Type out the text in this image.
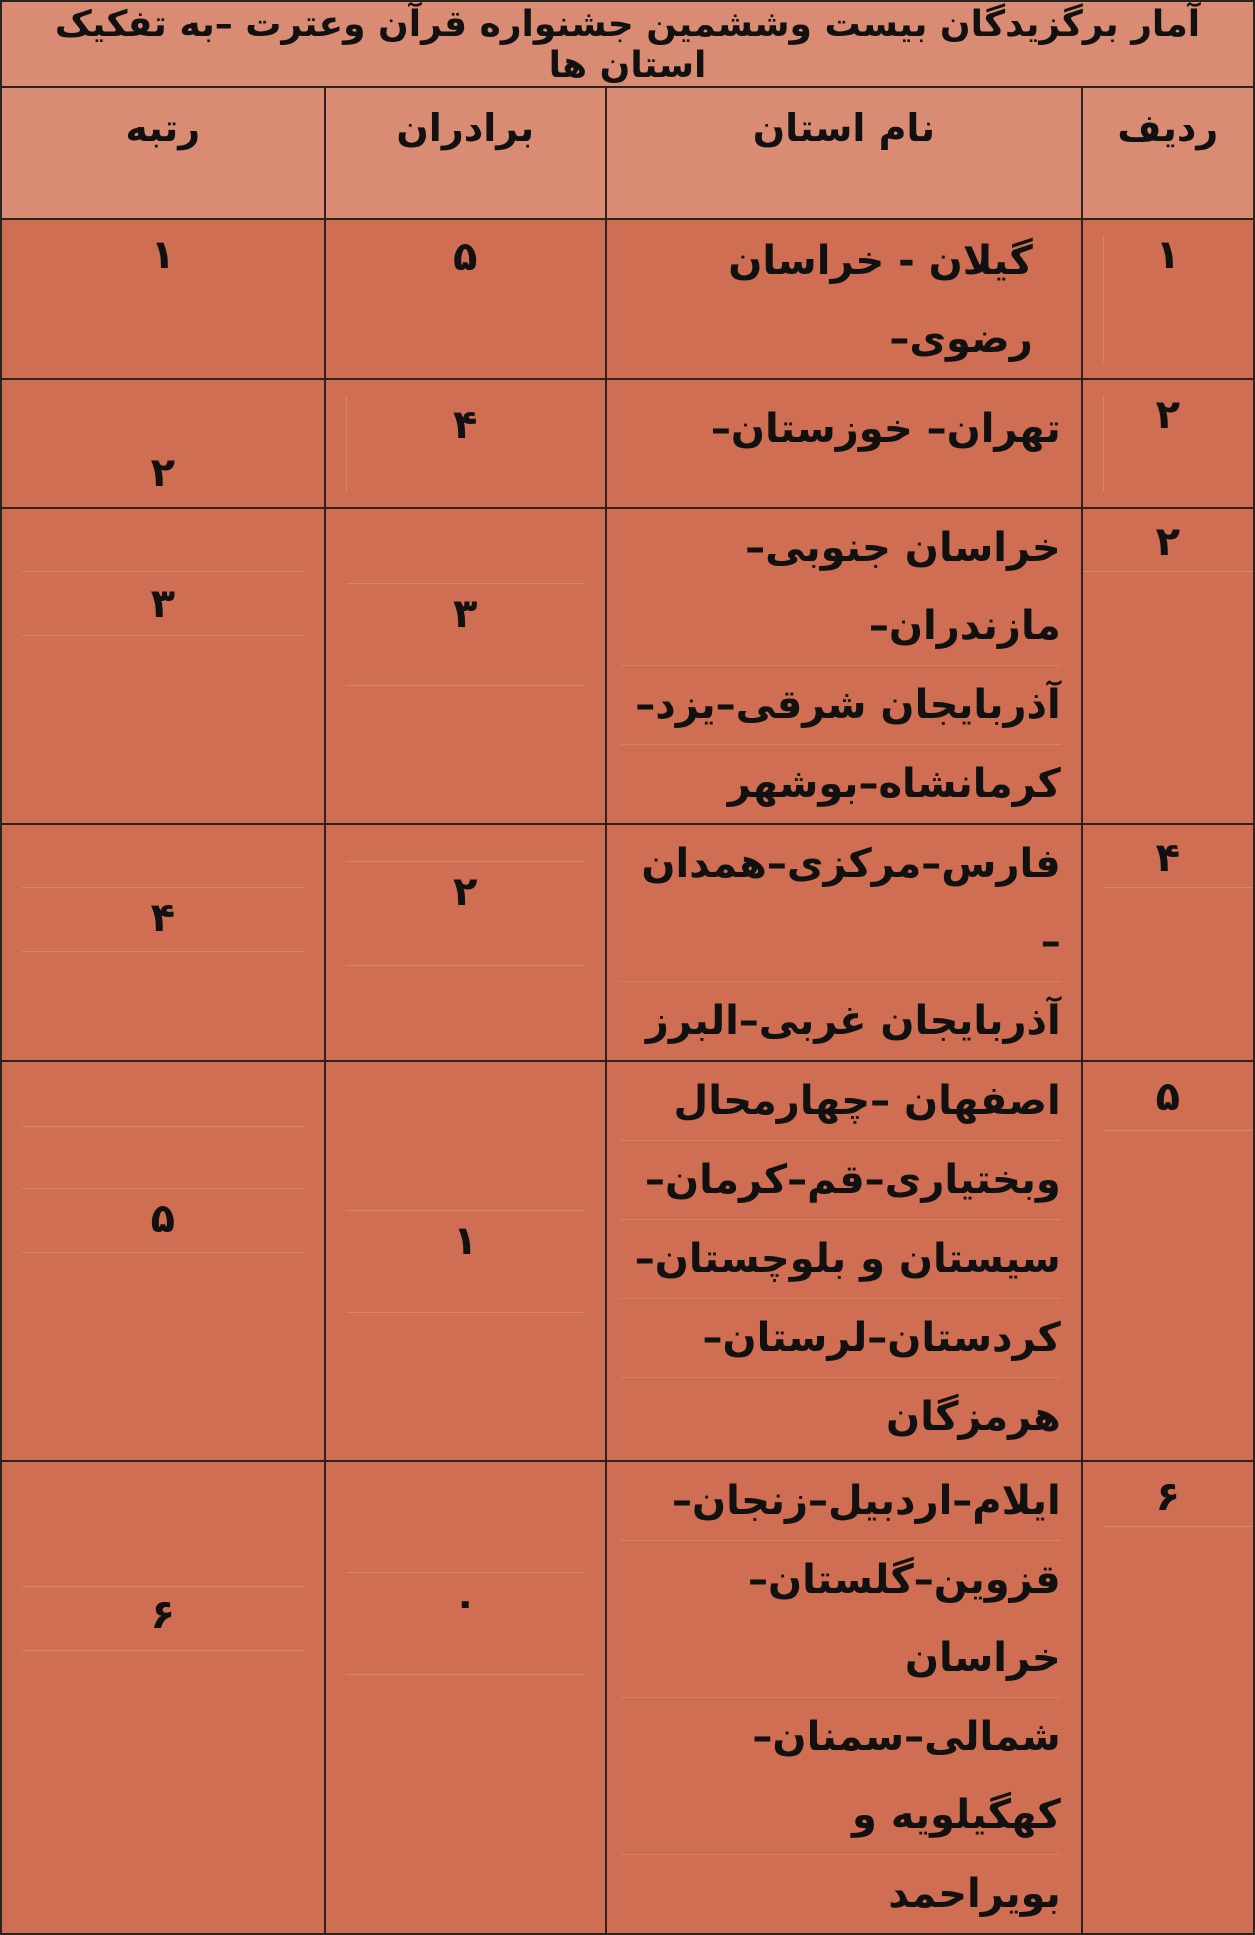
آمار برگزیدگان بیست وششمین جشنواره قرآن وعترت –به تفکیک استان ها			
ردیف	نام استان	برادران	رتبه

۱	گیلان - خراسان رضوی–	۵	۱

۲	تهران– خوزستان–	۴	۲

۲	خراسان جنوبی–مازندران–
آذربایجان شرقی–یزد–
کرمانشاه–بوشهر	۳	۳

۴	فارس–مرکزی–همدان –
آذربایجان غربی–البرز	۲	۴

۵	اصفهان –چهارمحال
وبختیاری–قم–کرمان–
سیستان و بلوچستان–
کردستان–لرستان–
هرمزگان	۱	۵

۶	ایلام–اردبیل–زنجان–
قزوین–گلستان–خراسان
شمالی–سمنان–کهگیلویه و
بویراحمد	۰	۶
